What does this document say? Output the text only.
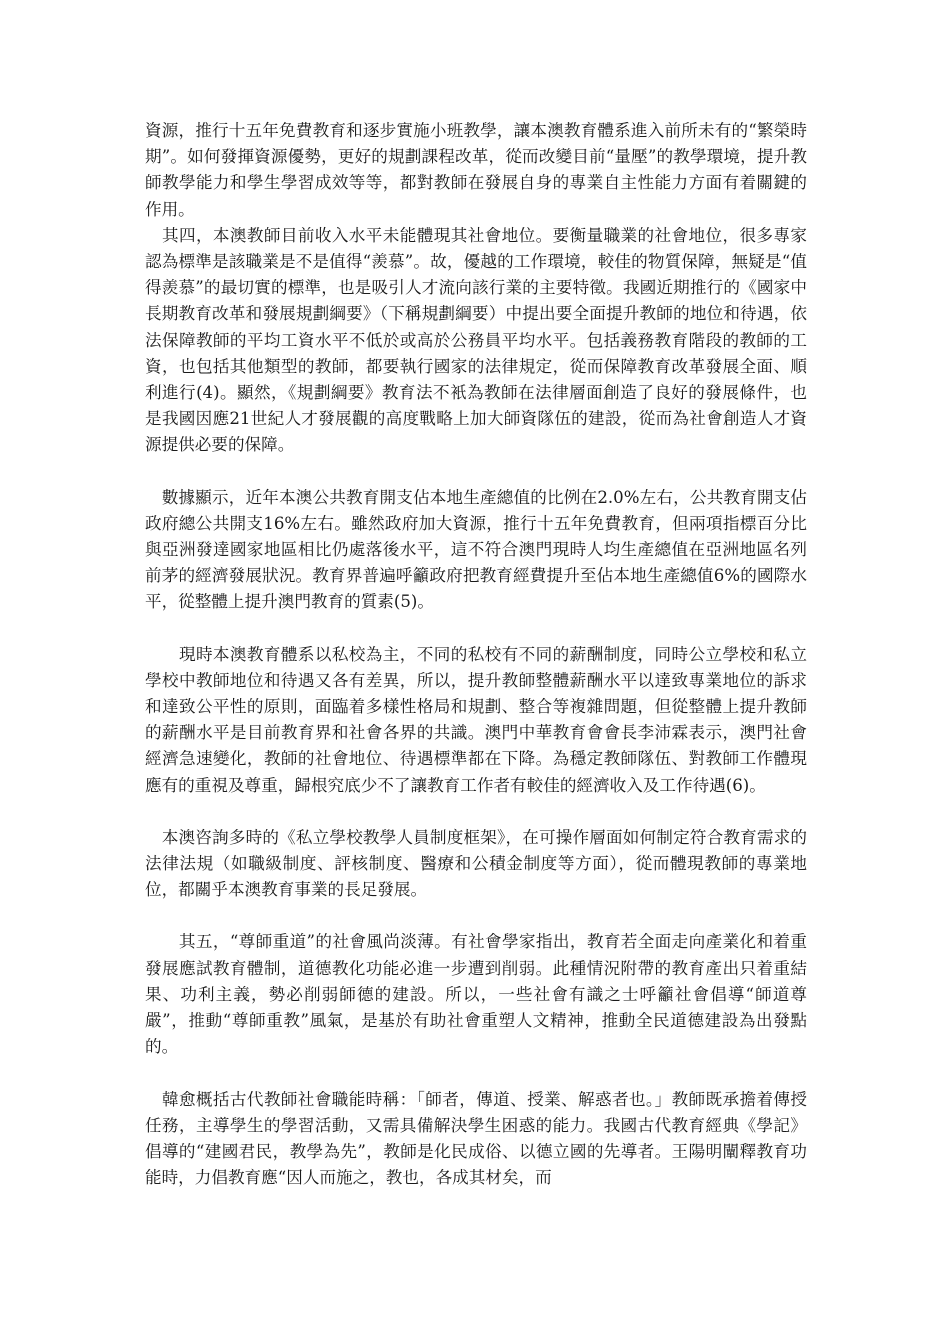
資源，推行十五年免費教育和逐步實施小班教學，讓本澳教育體系進入前所未有的“繁榮時期”。如何發揮資源優勢，更好的規劃課程改革，從而改變目前“量壓”的教學環境，提升教師教學能力和學生學習成效等等，都對教師在發展自身的專業自主性能力方面有着關鍵的作用。

　其四，本澳教師目前收入水平未能體現其社會地位。要衡量職業的社會地位，很多專家認為標準是該職業是不是值得“羨慕”。故，優越的工作環境，較佳的物質保障，無疑是“值得羨慕”的最切實的標準，也是吸引人才流向該行業的主要特徵。我國近期推行的《國家中長期教育改革和發展規劃綱要》（下稱規劃綱要）中提出要全面提升教師的地位和待遇，依法保障教師的平均工資水平不低於或高於公務員平均水平。包括義務教育階段的教師的工資，也包括其他類型的教師，都要執行國家的法律規定，從而保障教育改革發展全面、順利進行(4)。顯然，《規劃綱要》教育法不衹為教師在法律層面創造了良好的發展條件，也是我國因應21世紀人才發展觀的高度戰略上加大師資隊伍的建設，從而為社會創造人才資源提供必要的保障。

　數據顯示，近年本澳公共教育開支佔本地生產總值的比例在2.0%左右，公共教育開支佔政府總公共開支16%左右。雖然政府加大資源，推行十五年免費教育，但兩項指標百分比與亞洲發達國家地區相比仍處落後水平，這不符合澳門現時人均生產總值在亞洲地區名列前茅的經濟發展狀況。教育界普遍呼籲政府把教育經費提升至佔本地生產總值6%的國際水平，從整體上提升澳門教育的質素(5)。

　　現時本澳教育體系以私校為主，不同的私校有不同的薪酬制度，同時公立學校和私立學校中教師地位和待遇又各有差異，所以，提升教師整體薪酬水平以達致專業地位的訴求和達致公平性的原則，面臨着多樣性格局和規劃、整合等複雜問題，但從整體上提升教師的薪酬水平是目前教育界和社會各界的共識。澳門中華教育會會長李沛霖表示，澳門社會經濟急速變化，教師的社會地位、待遇標準都在下降。為穩定教師隊伍、對教師工作體現應有的重視及尊重，歸根究底少不了讓教育工作者有較佳的經濟收入及工作待遇(6)。

　本澳咨詢多時的《私立學校教學人員制度框架》，在可操作層面如何制定符合教育需求的法律法規（如職級制度、評核制度、醫療和公積金制度等方面），從而體現教師的專業地位，都關乎本澳教育事業的長足發展。

　　其五，“尊師重道”的社會風尚淡薄。有社會學家指出，教育若全面走向產業化和着重發展應試教育體制，道德教化功能必進一步遭到削弱。此種情況附帶的教育產出只着重結果、功利主義，勢必削弱師德的建設。所以，一些社會有識之士呼籲社會倡導“師道尊嚴”，推動“尊師重教”風氣，是基於有助社會重塑人文精神，推動全民道德建設為出發點的。

　韓愈概括古代教師社會職能時稱：「師者，傳道、授業、解惑者也。」教師既承擔着傳授任務，主導學生的學習活動，又需具備解決學生困惑的能力。我國古代教育經典《學記》倡導的“建國君民，教學為先”，教師是化民成俗、以德立國的先導者。王陽明闡釋教育功能時，力倡教育應“因人而施之，教也，各成其材矣，而
